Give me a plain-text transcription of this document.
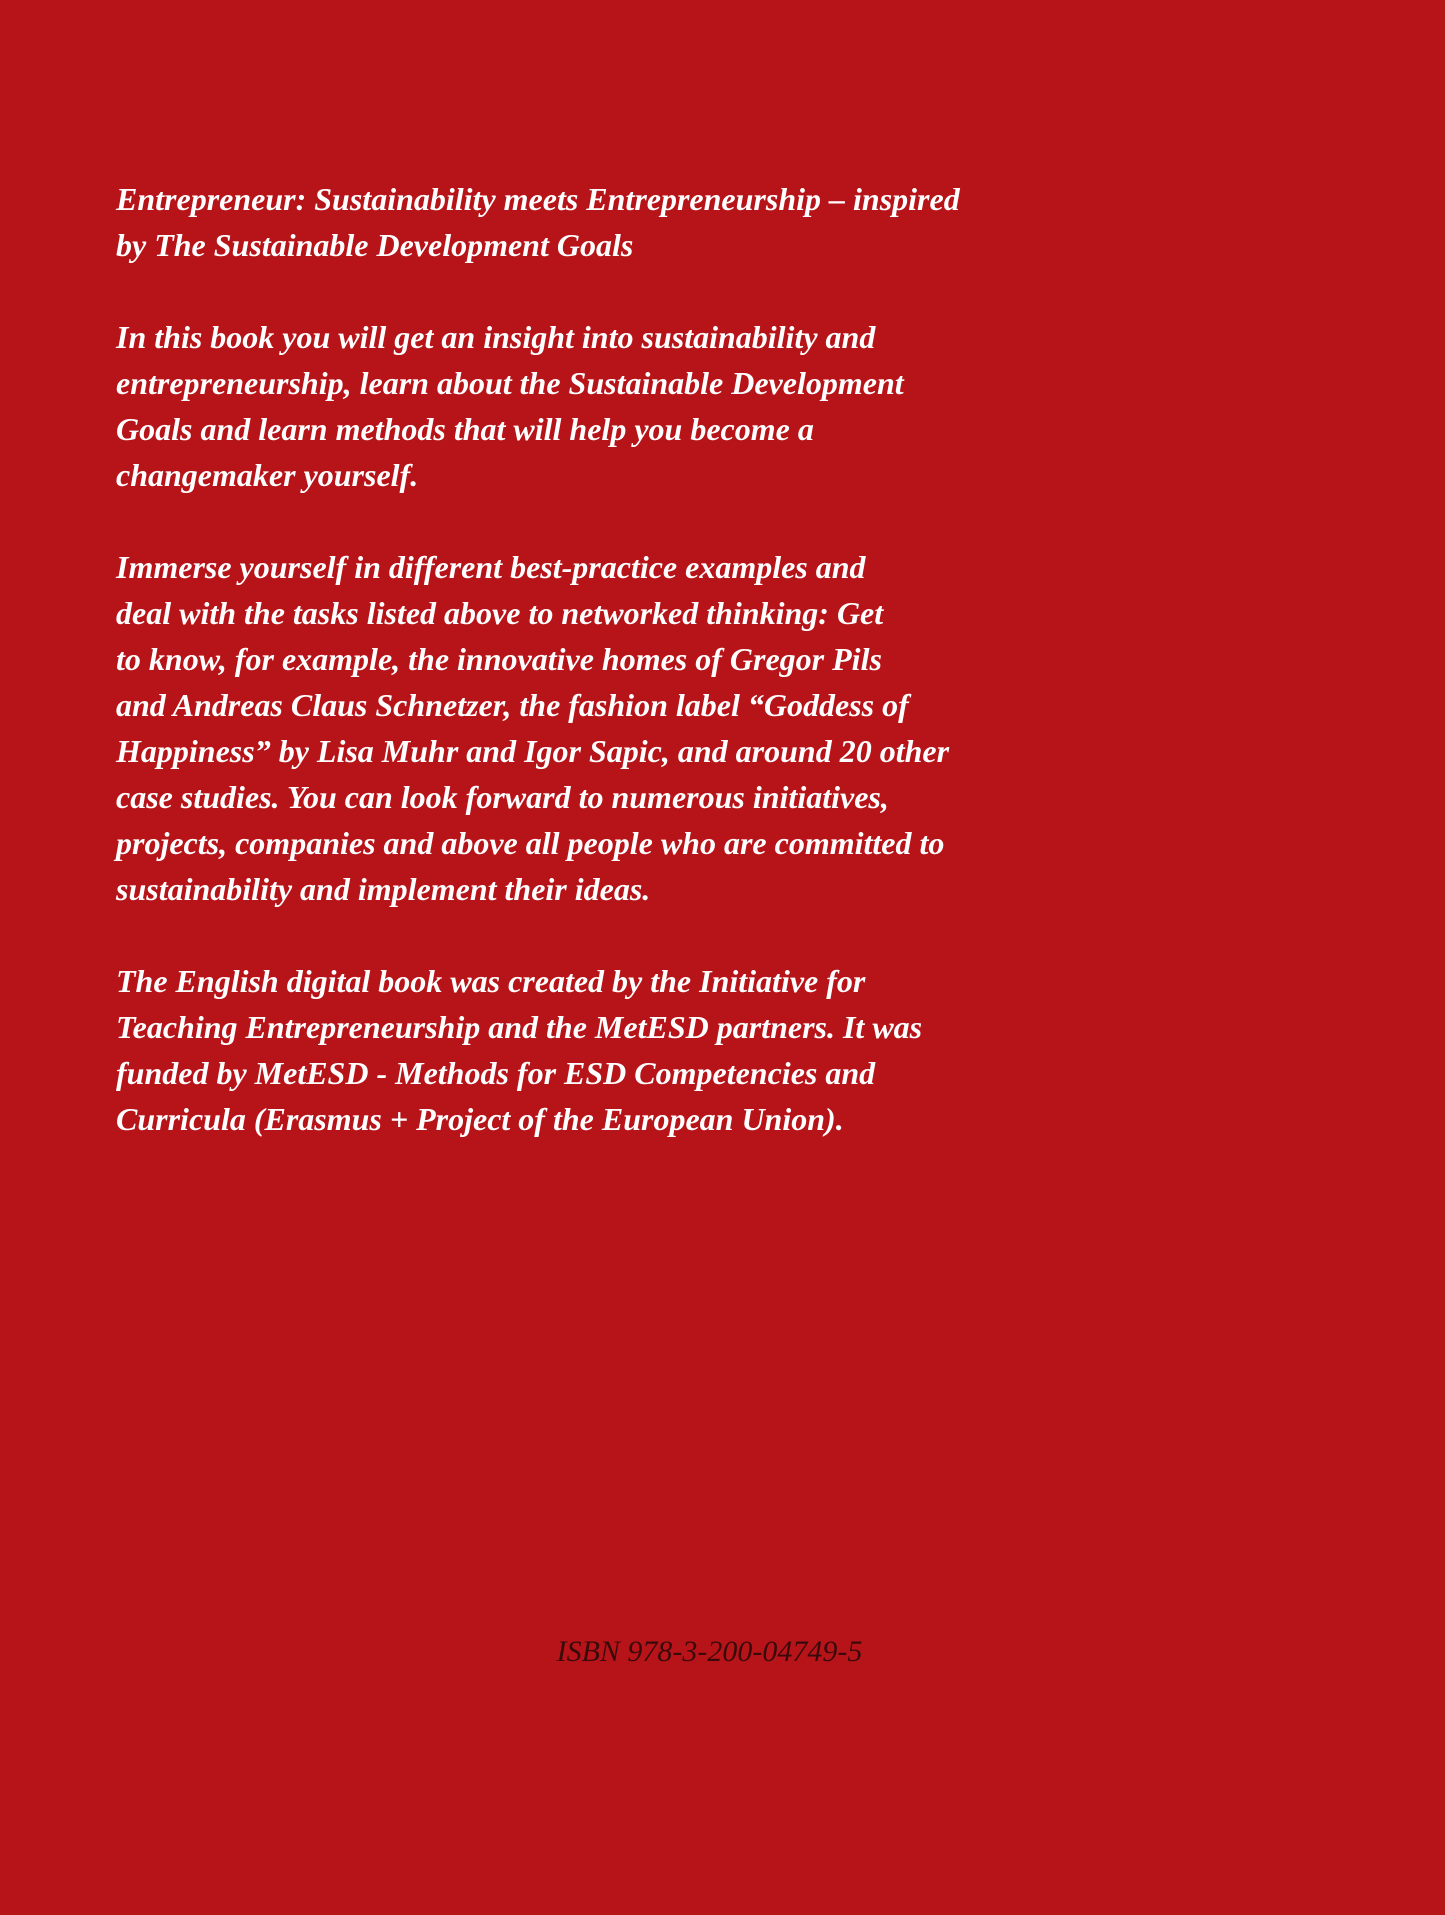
Entrepreneur: Sustainability meets Entrepreneurship – inspired
by The Sustainable Development Goals

In this book you will get an insight into sustainability and
entrepreneurship, learn about the Sustainable Development
Goals and learn methods that will help you become a
changemaker yourself.

Immerse yourself in different best-practice examples and
deal with the tasks listed above to networked thinking: Get
to know, for example, the innovative homes of Gregor Pils
and Andreas Claus Schnetzer, the fashion label “Goddess of
Happiness” by Lisa Muhr and Igor Sapic, and around 20 other
case studies. You can look forward to numerous initiatives,
projects, companies and above all people who are committed to
sustainability and implement their ideas.

The English digital book was created by the Initiative for
Teaching Entrepreneurship and the MetESD partners. It was
funded by MetESD - Methods for ESD Competencies and
Curricula (Erasmus + Project of the European Union).

ISBN 978-3-200-04749-5
